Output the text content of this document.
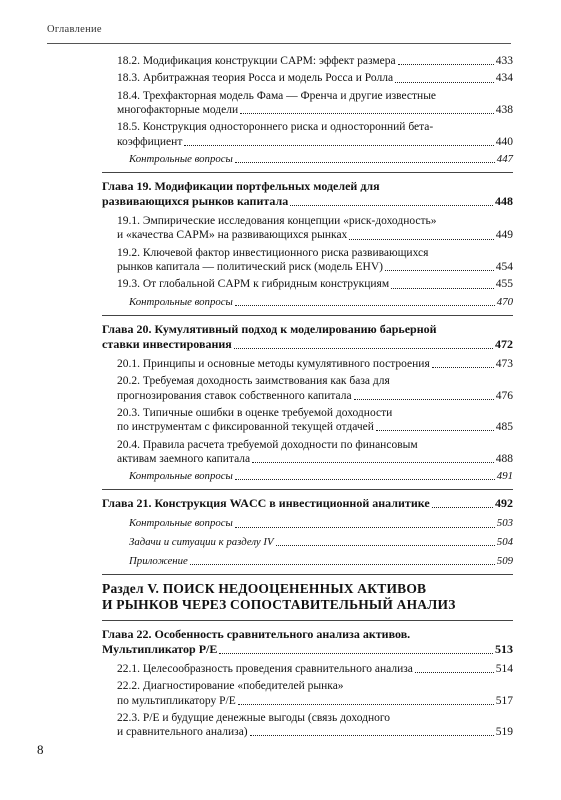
Оглавление
18.2. Модификация конструкции CAPM: эффект размера	433
18.3. Арбитражная теория Росса и модель Росса и Ролла	434
18.4. Трехфакторная модель Фама — Френча и другие известные
многофакторные модели	438
18.5. Конструкция одностороннего риска и односторонний бета-
коэффициент	440
Контрольные вопросы	447
Глава 19. Модификации портфельных моделей для
развивающихся рынков капитала	448
19.1. Эмпирические исследования концепции «риск-доходность»
и «качества CAPM» на развивающихся рынках	449
19.2. Ключевой фактор инвестиционного риска развивающихся
рынков капитала — политический риск (модель EHV)	454
19.3. От глобальной CAPM к гибридным конструкциям	455
Контрольные вопросы	470
Глава 20. Кумулятивный подход к моделированию барьерной
ставки инвестирования	472
20.1. Принципы и основные методы кумулятивного построения	473
20.2. Требуемая доходность заимствования как база для
прогнозирования ставок собственного капитала	476
20.3. Типичные ошибки в оценке требуемой доходности
по инструментам с фиксированной текущей отдачей	485
20.4. Правила расчета требуемой доходности по финансовым
активам заемного капитала	488
Контрольные вопросы	491
Глава 21. Конструкция WACC в инвестиционной аналитике	492
Контрольные вопросы	503
Задачи и ситуации к разделу IV	504
Приложение	509
Раздел V. ПОИСК НЕДООЦЕНЕННЫХ АКТИВОВ
И РЫНКОВ ЧЕРЕЗ СОПОСТАВИТЕЛЬНЫЙ АНАЛИЗ
Глава 22. Особенность сравнительного анализа активов.
Мультипликатор P/E	513
22.1. Целесообразность проведения сравнительного анализа	514
22.2. Диагностирование «победителей рынка»
по мультипликатору P/E	517
22.3. P/E и будущие денежные выгоды (связь доходного
и сравнительного анализа)	519
8
